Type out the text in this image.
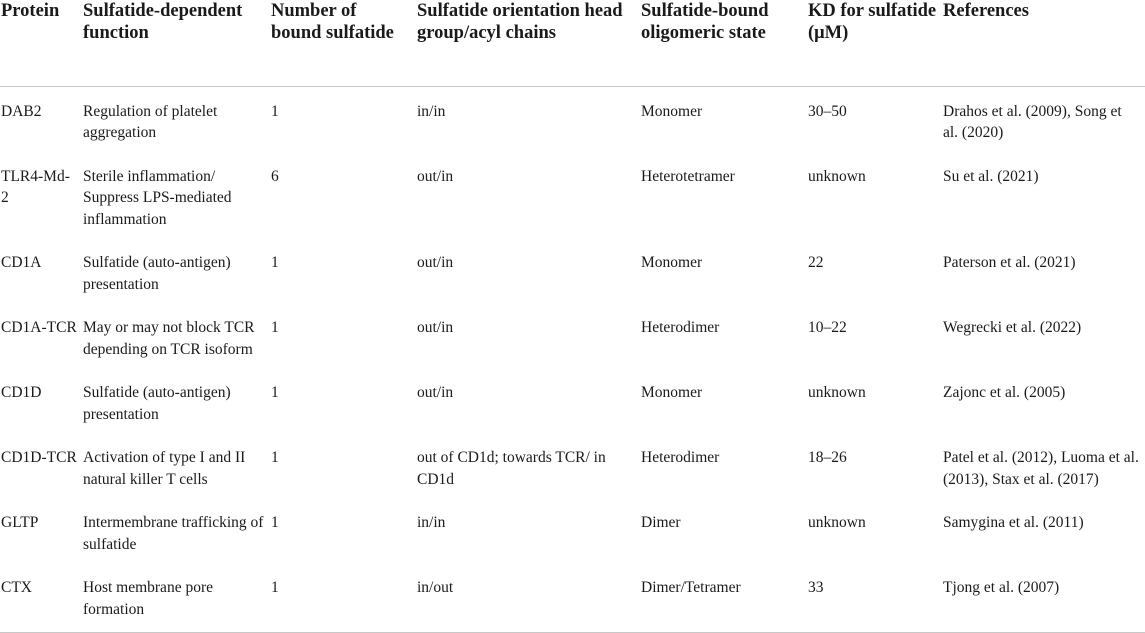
Protein	Sulfatide-dependent function	Number of bound sulfatide	Sulfatide orientation head group/acyl chains	Sulfatide-bound oligomeric state	KD for sulfatide (μM)	References
DAB2	Regulation of platelet aggregation	1	in/in	Monomer	30–50	Drahos et al. (2009), Song et al. (2020)
TLR4-Md-2	Sterile inflammation/ Suppress LPS-mediated inflammation	6	out/in	Heterotetramer	unknown	Su et al. (2021)
CD1A	Sulfatide (auto-antigen) presentation	1	out/in	Monomer	22	Paterson et al. (2021)
CD1A-TCR	May or may not block TCR depending on TCR isoform	1	out/in	Heterodimer	10–22	Wegrecki et al. (2022)
CD1D	Sulfatide (auto-antigen) presentation	1	out/in	Monomer	unknown	Zajonc et al. (2005)
CD1D-TCR	Activation of type I and II natural killer T cells	1	out of CD1d; towards TCR/ in CD1d	Heterodimer	18–26	Patel et al. (2012), Luoma et al. (2013), Stax et al. (2017)
GLTP	Intermembrane trafficking of sulfatide	1	in/in	Dimer	unknown	Samygina et al. (2011)
CTX	Host membrane pore formation	1	in/out	Dimer/Tetramer	33	Tjong et al. (2007)
